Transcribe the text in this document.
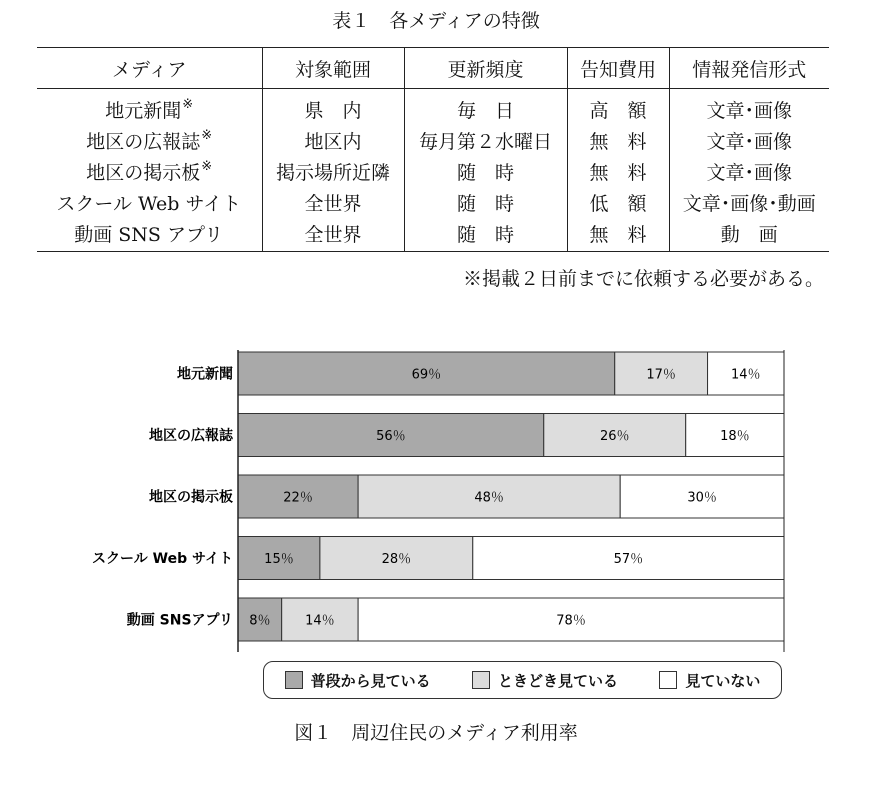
表１　各メディアの特徴
メディア	対象範囲	更新頻度	告知費用	情報発信形式
地元新聞※	県　内	毎　日	高　額	文章･画像
地区の広報誌※	地区内	毎月第２水曜日	無　料	文章･画像
地区の掲示板※	掲示場所近隣	随　時	無　料	文章･画像
スクール Web サイト	全世界	随　時	低　額	文章･画像･動画
動画 SNS アプリ	全世界	随　時	無　料	動　画
※掲載２日前までに依頼する必要がある。
地元新聞	69％	17％	14％
地区の広報誌	56％	26％	18％
地区の掲示板	22％	48％	30％
スクール Web サイト 15％	28％	57％
動画 SNSアプリ 8％	14％	78％
普段から見ている	ときどき見ている	見ていない
図１　周辺住民のメディア利用率
